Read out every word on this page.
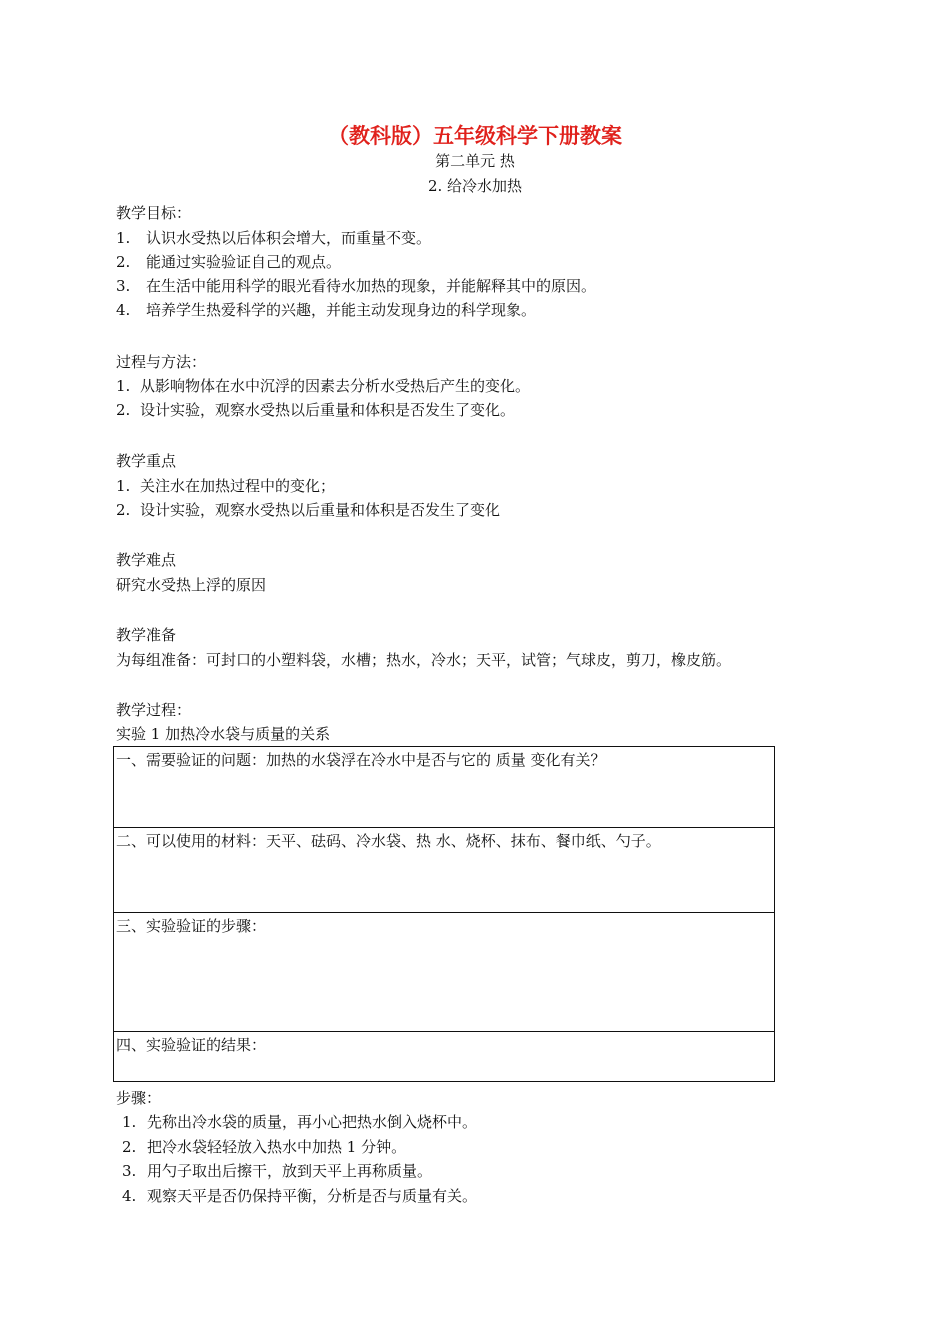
（教科版）五年级科学下册教案
第二单元 热
2. 给冷水加热
教学目标：
1. 认识水受热以后体积会增大，而重量不变。
2. 能通过实验验证自己的观点。
3. 在生活中能用科学的眼光看待水加热的现象，并能解释其中的原因。
4. 培养学生热爱科学的兴趣，并能主动发现身边的科学现象。
过程与方法：
1. 从影响物体在水中沉浮的因素去分析水受热后产生的变化。
2. 设计实验，观察水受热以后重量和体积是否发生了变化。
教学重点
1. 关注水在加热过程中的变化；
2. 设计实验，观察水受热以后重量和体积是否发生了变化
教学难点
研究水受热上浮的原因
教学准备
为每组准备：可封口的小塑料袋，水槽；热水，冷水；天平，试管；气球皮，剪刀，橡皮筋。
教学过程：
实验 1 加热冷水袋与质量的关系
一、需要验证的问题：加热的水袋浮在冷水中是否与它的 质量 变化有关？
二、可以使用的材料：天平、砝码、冷水袋、热 水、烧杯、抹布、餐巾纸、勺子。
三、实验验证的步骤：
四、实验验证的结果：
步骤：
1. 先称出冷水袋的质量，再小心把热水倒入烧杯中。
2. 把冷水袋轻轻放入热水中加热 1 分钟。
3. 用勺子取出后擦干，放到天平上再称质量。
4. 观察天平是否仍保持平衡，分析是否与质量有关。
